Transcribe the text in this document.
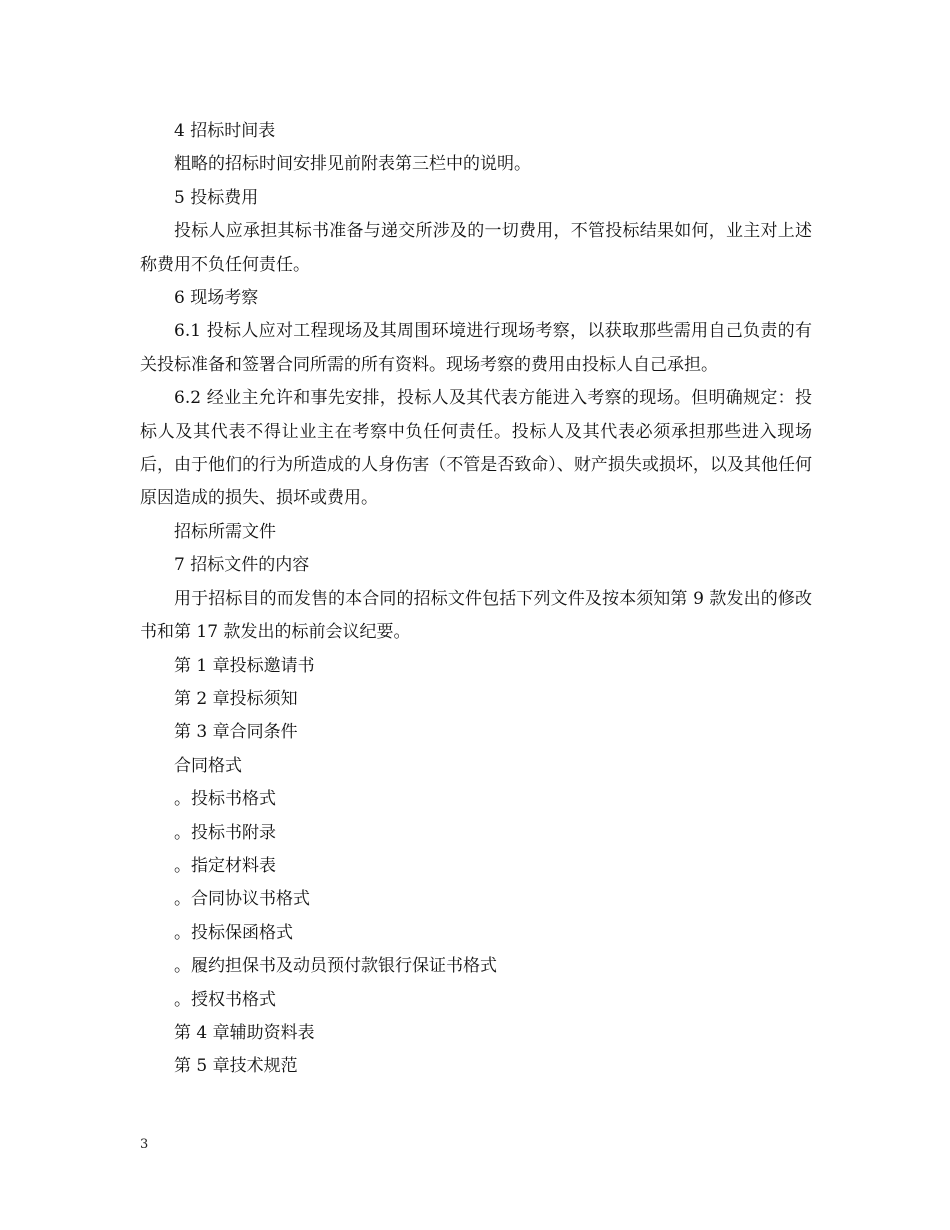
4 招标时间表

粗略的招标时间安排见前附表第三栏中的说明。

5 投标费用

投标人应承担其标书准备与递交所涉及的一切费用，不管投标结果如何，业主对上述称费用不负任何责任。

6 现场考察

6.1 投标人应对工程现场及其周围环境进行现场考察，以获取那些需用自己负责的有关投标准备和签署合同所需的所有资料。现场考察的费用由投标人自己承担。

6.2 经业主允许和事先安排，投标人及其代表方能进入考察的现场。但明确规定：投标人及其代表不得让业主在考察中负任何责任。投标人及其代表必须承担那些进入现场后，由于他们的行为所造成的人身伤害（不管是否致命）、财产损失或损坏，以及其他任何原因造成的损失、损坏或费用。

招标所需文件

7 招标文件的内容

用于招标目的而发售的本合同的招标文件包括下列文件及按本须知第 9 款发出的修改书和第 17 款发出的标前会议纪要。

第 1 章投标邀请书

第 2 章投标须知

第 3 章合同条件

合同格式

。投标书格式

。投标书附录

。指定材料表

。合同协议书格式

。投标保函格式

。履约担保书及动员预付款银行保证书格式

。授权书格式

第 4 章辅助资料表

第 5 章技术规范

3
